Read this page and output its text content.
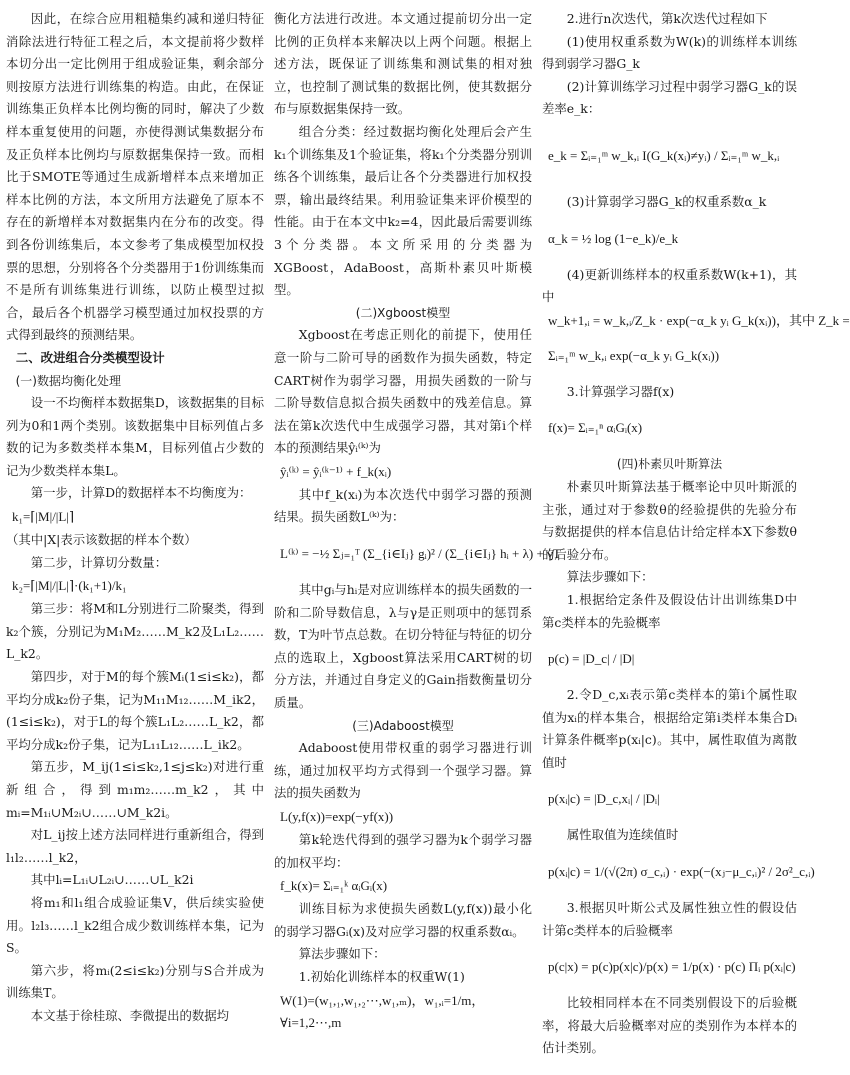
因此，在综合应用粗糙集约减和递归特征消除法进行特征工程之后，本文提前将少数样本切分出一定比例用于组成验证集，剩余部分则按原方法进行训练集的构造。由此，在保证训练集正负样本比例均衡的同时，解决了少数样本重复使用的问题，亦使得测试集数据分布及正负样本比例均与原数据集保持一致。而相比于SMOTE等通过生成新增样本点来增加正样本比例的方法，本文所用方法避免了原本不存在的新增样本对数据集内在分布的改变。得到各份训练集后，本文参考了集成模型加权投票的思想，分别将各个分类器用于1份训练集而不是所有训练集进行训练，以防止模型过拟合，最后各个机器学习模型通过加权投票的方式得到最终的预测结果。

二、改进组合分类模型设计
(一)数据均衡化处理

设一不均衡样本数据集D，该数据集的目标列为0和1两个类别。该数据集中目标列值占多数的记为多数类样本集M，目标列值占少数的记为少数类样本集L。

第一步，计算D的数据样本不均衡度为：

k₁=⌈|M|/|L|⌉

（其中|X|表示该数据的样本个数）

第二步，计算切分数量：

k₂=⌈|M|/|L|⌉·(k₁+1)/k₁

第三步：将M和L分别进行二阶聚类，得到k₂个簇，分别记为M₁M₂……M_k2及L₁L₂……L_k2。

第四步，对于M的每个簇Mᵢ(1≤i≤k₂)，都平均分成k₂份子集，记为M₁₁M₁₂……M_ik2，(1≤i≤k₂)，对于L的每个簇L₁L₂……L_k2，都平均分成k₂份子集，记为L₁₁L₁₂……L_ik2。

第五步，M_ij(1≤i≤k₂,1≤j≤k₂)对进行重新组合，得到m₁m₂……m_k2，其中mᵢ=M₁ᵢ∪M₂ᵢ∪……∪M_k2i。

对L_ij按上述方法同样进行重新组合，得到l₁l₂……l_k2，

其中lᵢ=L₁ᵢ∪L₂ᵢ∪……∪L_k2i

将m₁和l₁组合成验证集V，供后续实验使用。l₂l₃……l_k2组合成少数训练样本集，记为S。

第六步，将mᵢ(2≤i≤k₂)分别与S合并成为训练集T。

本文基于徐桂琼、李微提出的数据均

衡化方法进行改进。本文通过提前切分出一定比例的正负样本来解决以上两个问题。根据上述方法，既保证了训练集和测试集的相对独立，也控制了测试集的数据比例，使其数据分布与原数据集保持一致。

组合分类：经过数据均衡化处理后会产生k₁个训练集及1个验证集，将k₁个分类器分别训练各个训练集，最后让各个分类器进行加权投票，输出最终结果。利用验证集来评价模型的性能。由于在本文中k₂=4，因此最后需要训练3个分类器。本文所采用的分类器为XGBoost，AdaBoost，高斯朴素贝叶斯模型。

(二)Xgboost模型

Xgboost在考虑正则化的前提下，使用任意一阶与二阶可导的函数作为损失函数，特定CART树作为弱学习器，用损失函数的一阶与二阶导数信息拟合损失函数中的残差信息。算法在第k次迭代中生成强学习器，其对第i个样本的预测结果ŷᵢ⁽ᵏ⁾为

ŷᵢ⁽ᵏ⁾ = ŷᵢ⁽ᵏ⁻¹⁾ + f_k(xᵢ)

其中f_k(xᵢ)为本次迭代中弱学习器的预测结果。损失函数L⁽ᵏ⁾为：

L⁽ᵏ⁾ = −½ Σⱼ₌₁ᵀ (Σ_{i∈Iⱼ} gᵢ)² / (Σ_{i∈Iⱼ} hᵢ + λ) + γT

其中gᵢ与hᵢ是对应训练样本的损失函数的一阶和二阶导数信息，λ与γ是正则项中的惩罚系数，T为叶节点总数。在切分特征与特征的切分点的选取上，Xgboost算法采用CART树的切分方法，并通过自身定义的Gain指数衡量切分质量。

(三)Adaboost模型

Adaboost使用带权重的弱学习器进行训练，通过加权平均方式得到一个强学习器。算法的损失函数为

L(y,f(x))=exp(−yf(x))

第k轮迭代得到的强学习器为k个弱学习器的加权平均：

f_k(x)= Σᵢ₌₁ᵏ αᵢGᵢ(x)

训练目标为求使损失函数L(y,f(x))最小化的弱学习器Gᵢ(x)及对应学习器的权重系数αᵢ。

算法步骤如下：

1.初始化训练样本的权重W(1)

W(1)=(w₁,₁,w₁,₂⋯,w₁,ₘ)，w₁,ᵢ=1/m，
∀i=1,2⋯,m

2.进行n次迭代，第k次迭代过程如下

(1)使用权重系数为W(k)的训练样本训练得到弱学习器G_k

(2)计算训练学习过程中弱学习器G_k的误差率e_k：

e_k = Σᵢ₌₁ᵐ w_k,ᵢ I(G_k(xᵢ)≠yᵢ) / Σᵢ₌₁ᵐ w_k,ᵢ

(3)计算弱学习器G_k的权重系数α_k

α_k = ½ log (1−e_k)/e_k

(4)更新训练样本的权重系数W(k+1)，其中

w_k+1,ᵢ = w_k,ᵢ/Z_k · exp(−α_k yᵢ G_k(xᵢ))，其中 Z_k =
Σᵢ₌₁ᵐ w_k,ᵢ exp(−α_k yᵢ G_k(xᵢ))

3.计算强学习器f(x)

f(x)= Σᵢ₌₁ⁿ αᵢGᵢ(x)
(四)朴素贝叶斯算法

朴素贝叶斯算法基于概率论中贝叶斯派的主张，通过对于参数θ的经验提供的先验分布与数据提供的样本信息估计给定样本X下参数θ的后验分布。

算法步骤如下：

1.根据给定条件及假设估计出训练集D中第c类样本的先验概率

p(c) = |D_c| / |D|

2.令D_c,xᵢ表示第c类样本的第i个属性取值为xᵢ的样本集合，根据给定第i类样本集合Dᵢ计算条件概率p(xᵢ|c)。其中，属性取值为离散值时

p(xᵢ|c) = |D_c,xᵢ| / |Dᵢ|

属性取值为连续值时

p(xᵢ|c) = 1/(√(2π) σ_c,ᵢ) · exp(−(xⱼ−μ_c,ᵢ)² / 2σ²_c,ᵢ)

3.根据贝叶斯公式及属性独立性的假设估计第c类样本的后验概率

p(c|x) = p(c)p(x|c)/p(x) = 1/p(x) · p(c) Πᵢ p(xᵢ|c)

比较相同样本在不同类别假设下的后验概率，将最大后验概率对应的类别作为本样本的估计类别。
